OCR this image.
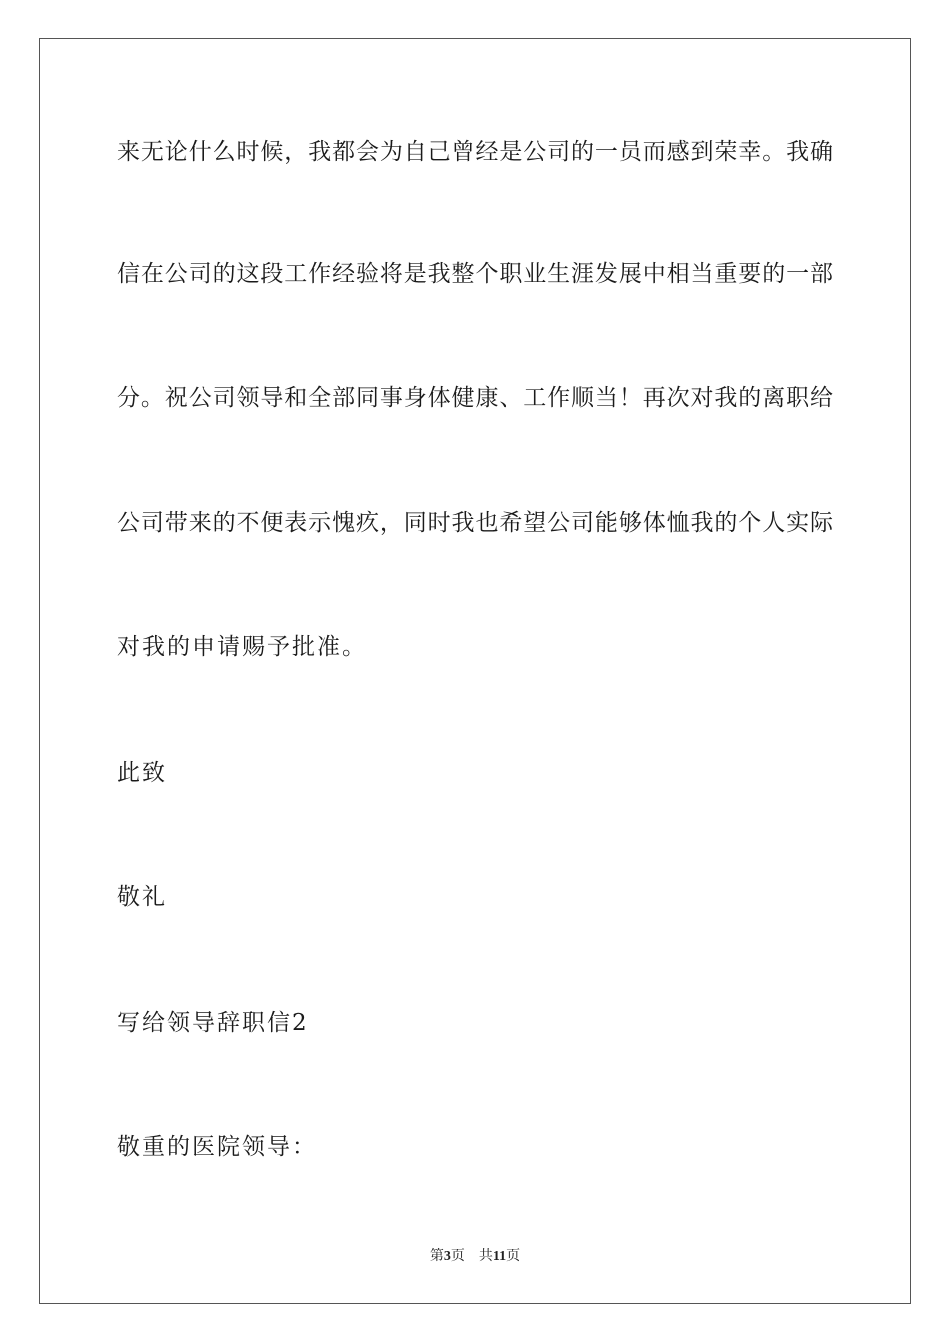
来无论什么时候，我都会为自己曾经是公司的一员而感到荣幸。我确
信在公司的这段工作经验将是我整个职业生涯发展中相当重要的一部
分。祝公司领导和全部同事身体健康、工作顺当！再次对我的离职给
公司带来的不便表示愧疚，同时我也希望公司能够体恤我的个人实际
对我的申请赐予批准。
此致
敬礼
写给领导辞职信2
敬重的医院领导：
第3页 共11页
